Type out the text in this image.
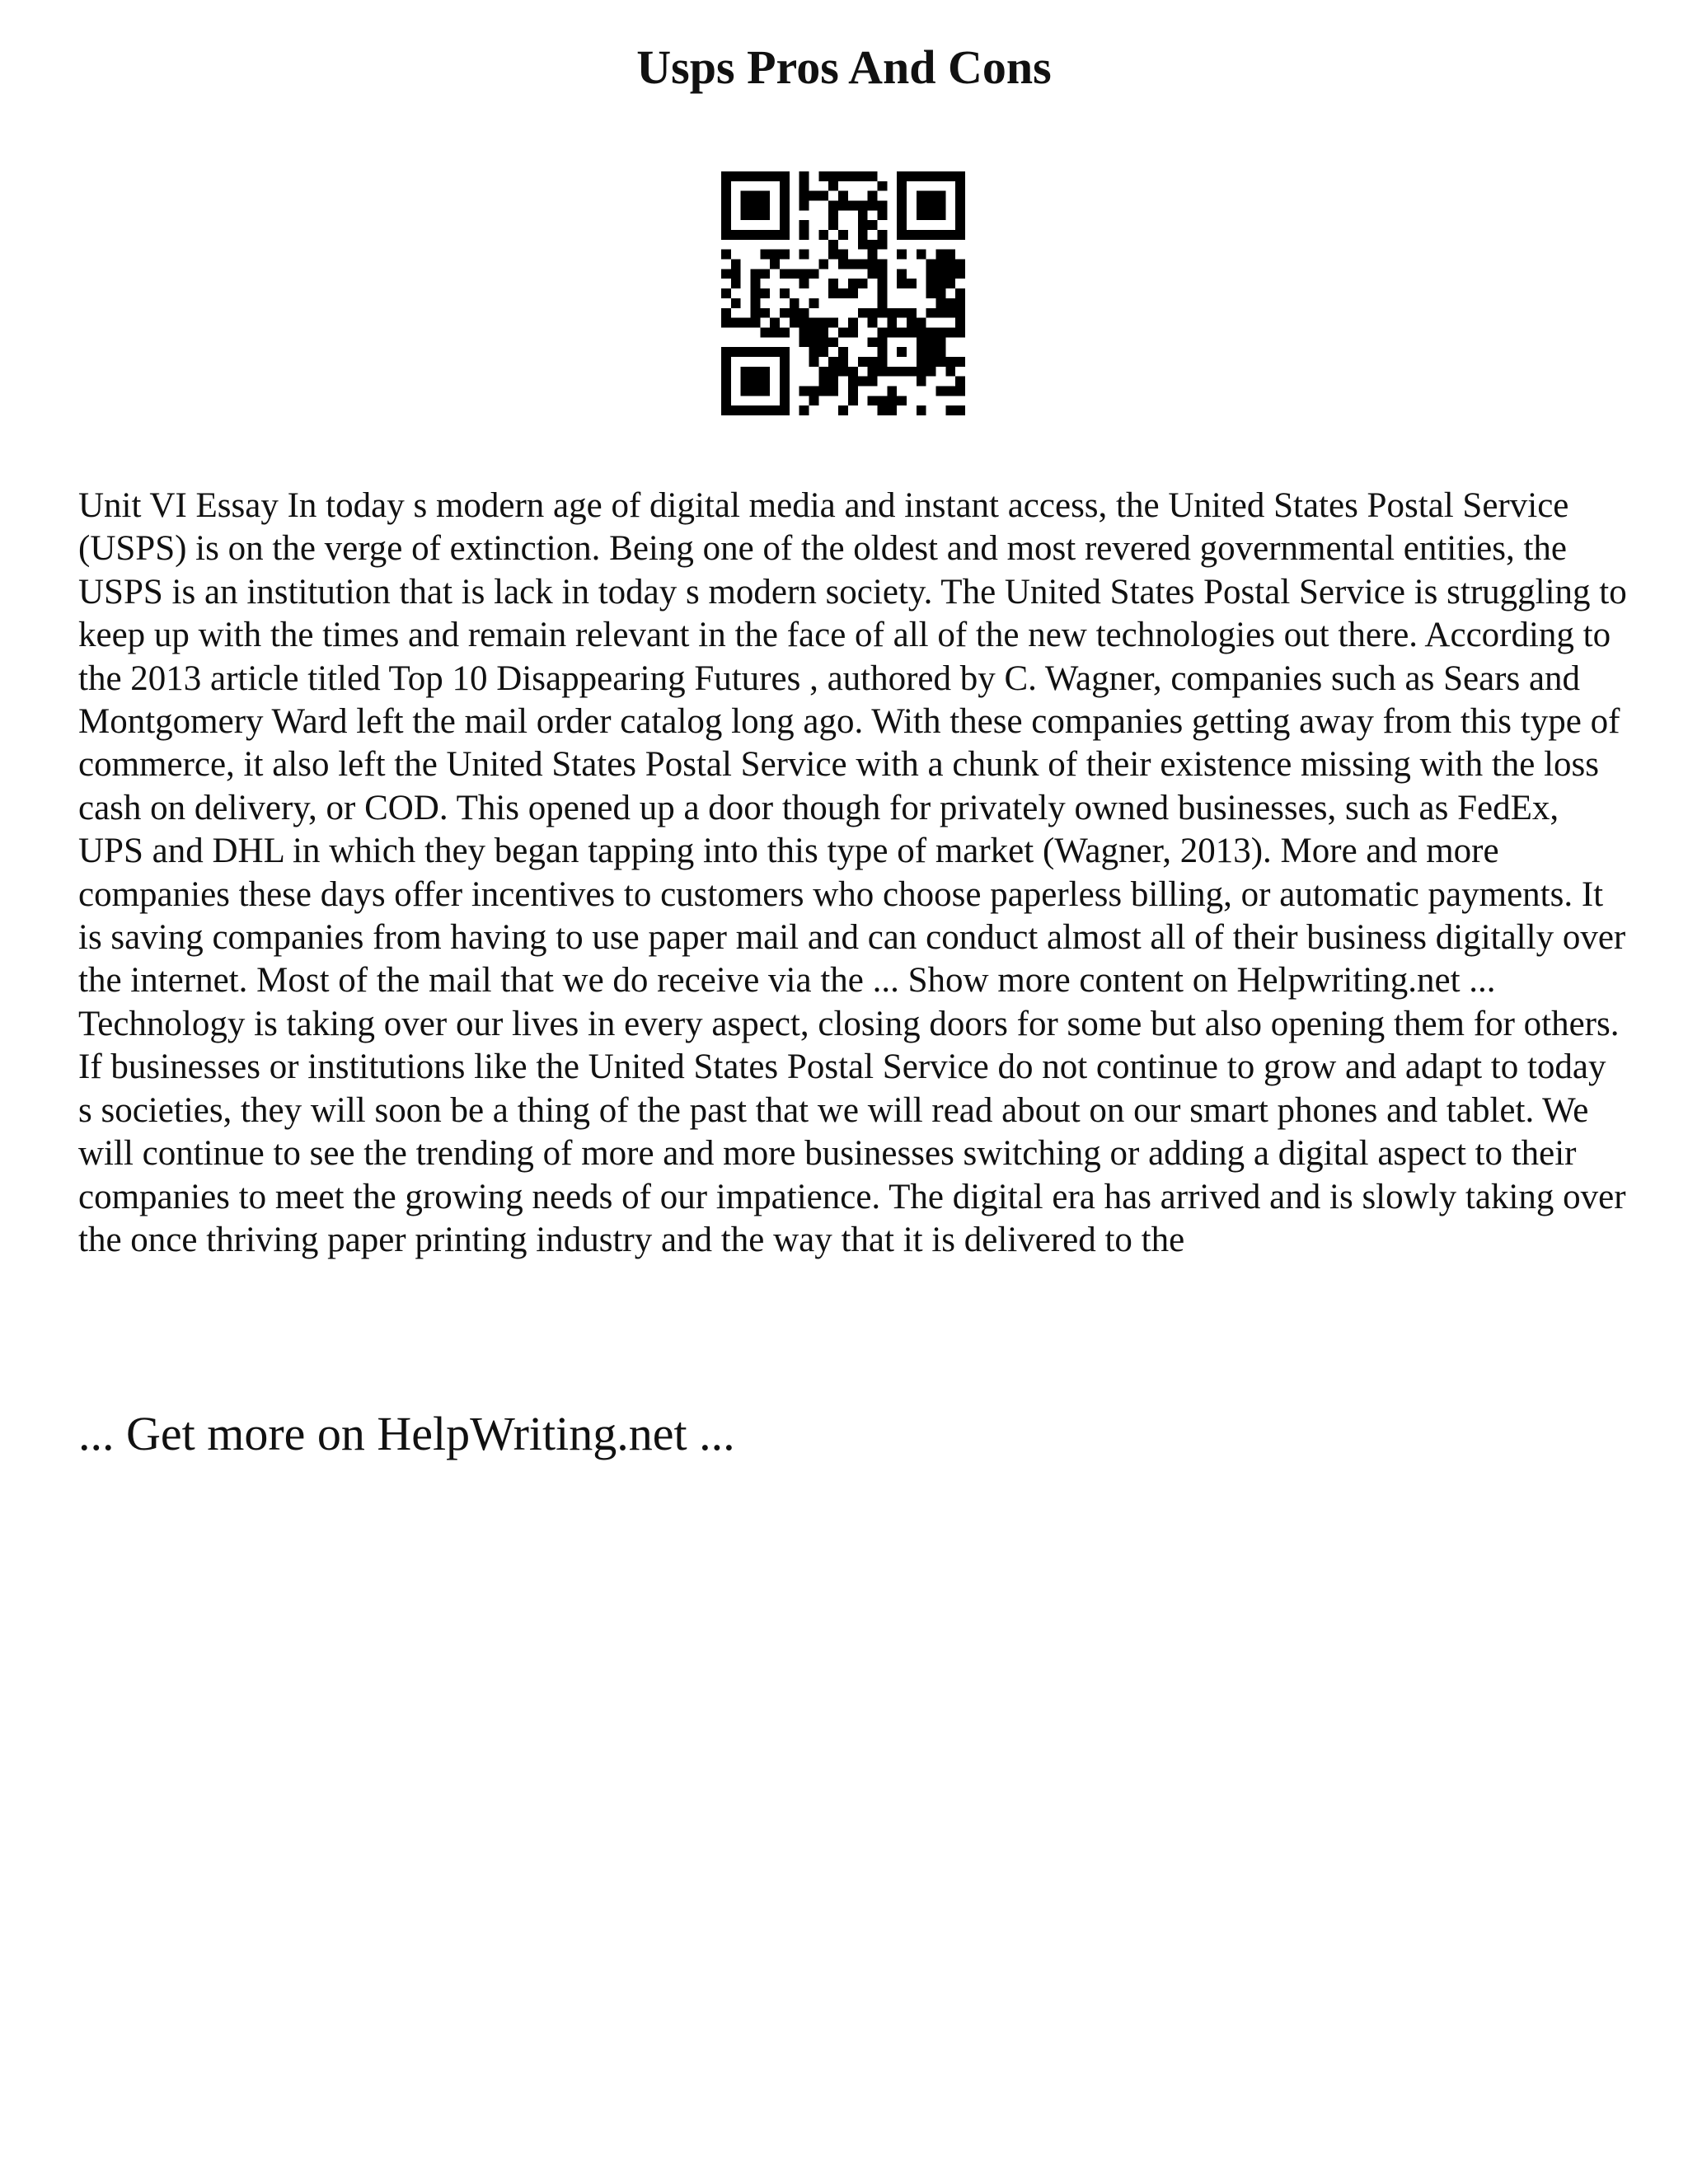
Usps Pros And Cons

Unit VI Essay In today s modern age of digital media and instant access, the United States Postal Service (USPS) is on the verge of extinction. Being one of the oldest and most revered governmental entities, the USPS is an institution that is lack in today s modern society. The United States Postal Service is struggling to keep up with the times and remain relevant in the face of all of the new technologies out there. According to the 2013 article titled Top 10 Disappearing Futures , authored by C. Wagner, companies such as Sears and Montgomery Ward left the mail order catalog long ago. With these companies getting away from this type of commerce, it also left the United States Postal Service with a chunk of their existence missing with the loss cash on delivery, or COD. This opened up a door though for privately owned businesses, such as FedEx, UPS and DHL in which they began tapping into this type of market (Wagner, 2013). More and more companies these days offer incentives to customers who choose paperless billing, or automatic payments. It is saving companies from having to use paper mail and can conduct almost all of their business digitally over the internet. Most of the mail that we do receive via the ... Show more content on Helpwriting.net ...

Technology is taking over our lives in every aspect, closing doors for some but also opening them for others. If businesses or institutions like the United States Postal Service do not continue to grow and adapt to today s societies, they will soon be a thing of the past that we will read about on our smart phones and tablet. We will continue to see the trending of more and more businesses switching or adding a digital aspect to their companies to meet the growing needs of our impatience. The digital era has arrived and is slowly taking over the once thriving paper printing industry and the way that it is delivered to the

... Get more on HelpWriting.net ...
